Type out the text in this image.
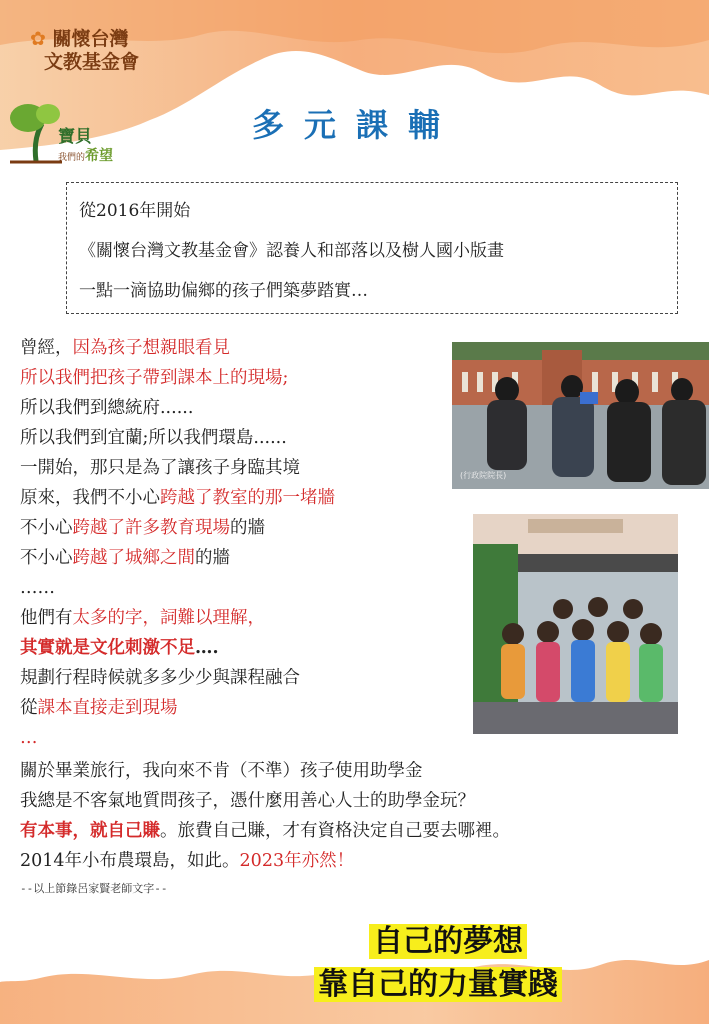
✿ 關懷台灣
文教基金會
寶貝
我們的希望
多元課輔
從2016年開始
《關懷台灣文教基金會》認養人和部落以及樹人國小版畫
一點一滴協助偏鄉的孩子們築夢踏實…
曾經，因為孩子想親眼看見
所以我們把孩子帶到課本上的現場;
所以我們到總統府......
所以我們到宜蘭;所以我們環島......
一開始，那只是為了讓孩子身臨其境
原來，我們不小心跨越了教室的那一堵牆
不小心跨越了許多教育現場的牆
不小心跨越了城鄉之間的牆
……
他們有太多的字，詞難以理解，
其實就是文化刺激不足….
規劃行程時候就多多少少與課程融合
從課本直接走到現場
…
(行政院院長)
關於畢業旅行，我向來不肯（不準）孩子使用助學金
我總是不客氣地質問孩子，憑什麼用善心人士的助學金玩？
有本事，就自己賺。旅費自己賺，才有資格決定自己要去哪裡。
2014年小布農環島，如此。2023年亦然！
--以上節錄呂家賢老師文字--
自己的夢想
靠自己的力量實踐
